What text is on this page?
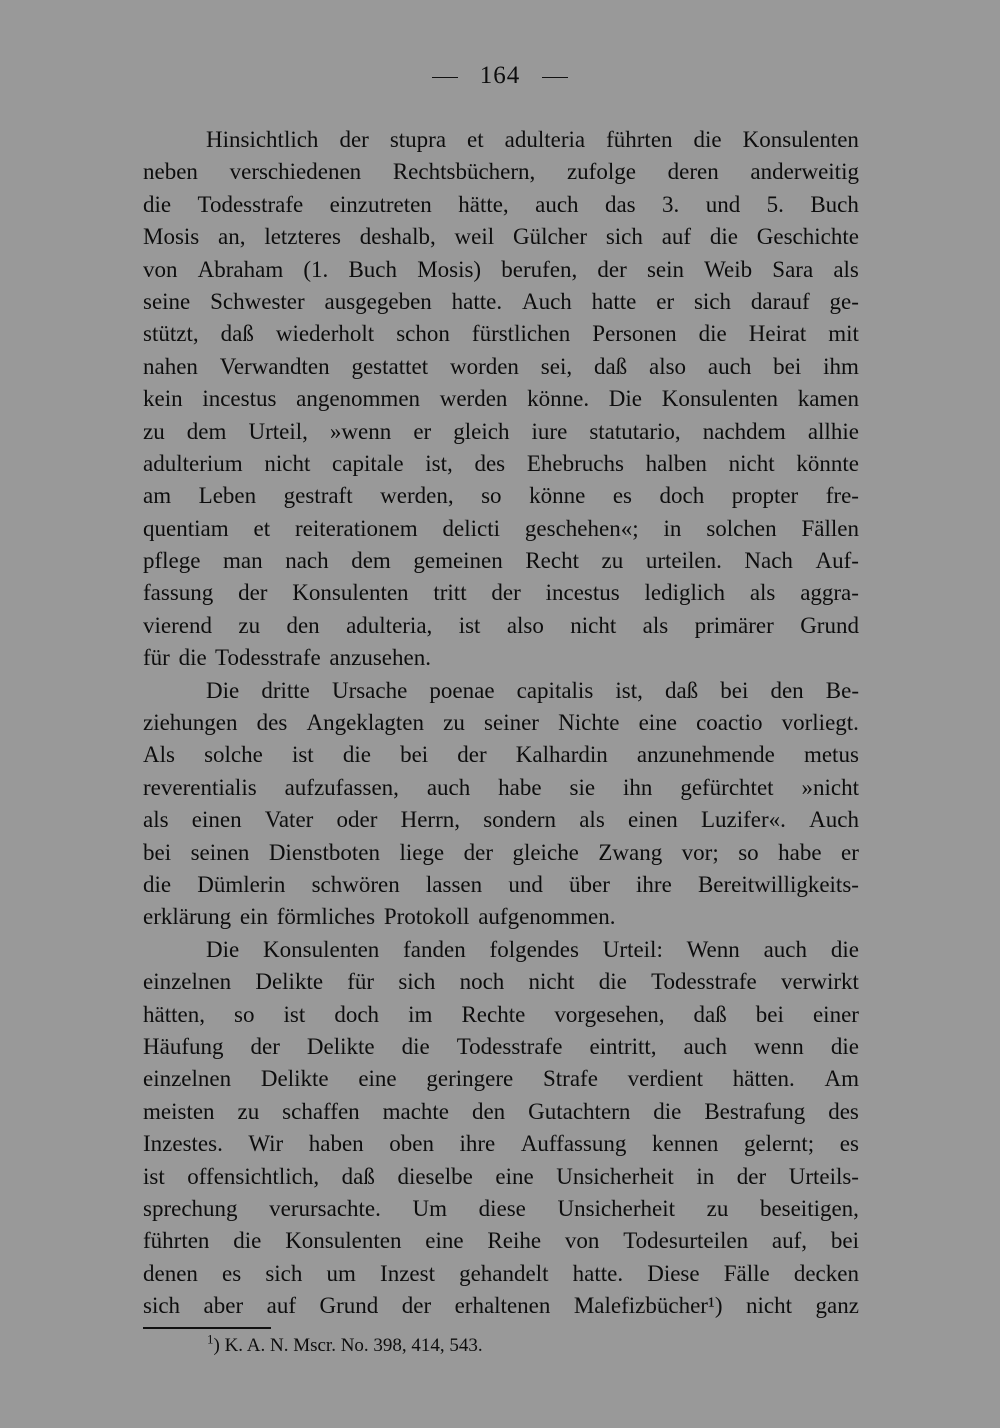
164
Hinsichtlich der stupra et adulteria führten die Konsulenten
neben verschiedenen Rechtsbüchern, zufolge deren anderweitig
die Todesstrafe einzutreten hätte, auch das 3. und 5. Buch
Mosis an, letzteres deshalb, weil Gülcher sich auf die Geschichte
von Abraham (1. Buch Mosis) berufen, der sein Weib Sara als
seine Schwester ausgegeben hatte. Auch hatte er sich darauf ge-
stützt, daß wiederholt schon fürstlichen Personen die Heirat mit
nahen Verwandten gestattet worden sei, daß also auch bei ihm
kein incestus angenommen werden könne. Die Konsulenten kamen
zu dem Urteil, »wenn er gleich iure statutario, nachdem allhie
adulterium nicht capitale ist, des Ehebruchs halben nicht könnte
am Leben gestraft werden, so könne es doch propter fre-
quentiam et reiterationem delicti geschehen«; in solchen Fällen
pflege man nach dem gemeinen Recht zu urteilen. Nach Auf-
fassung der Konsulenten tritt der incestus lediglich als aggra-
vierend zu den adulteria, ist also nicht als primärer Grund
für die Todesstrafe anzusehen.
Die dritte Ursache poenae capitalis ist, daß bei den Be-
ziehungen des Angeklagten zu seiner Nichte eine coactio vorliegt.
Als solche ist die bei der Kalhardin anzunehmende metus
reverentialis aufzufassen, auch habe sie ihn gefürchtet »nicht
als einen Vater oder Herrn, sondern als einen Luzifer«. Auch
bei seinen Dienstboten liege der gleiche Zwang vor; so habe er
die Dümlerin schwören lassen und über ihre Bereitwilligkeits-
erklärung ein förmliches Protokoll aufgenommen.
Die Konsulenten fanden folgendes Urteil: Wenn auch die
einzelnen Delikte für sich noch nicht die Todesstrafe verwirkt
hätten, so ist doch im Rechte vorgesehen, daß bei einer
Häufung der Delikte die Todesstrafe eintritt, auch wenn die
einzelnen Delikte eine geringere Strafe verdient hätten. Am
meisten zu schaffen machte den Gutachtern die Bestrafung des
Inzestes. Wir haben oben ihre Auffassung kennen gelernt; es
ist offensichtlich, daß dieselbe eine Unsicherheit in der Urteils-
sprechung verursachte. Um diese Unsicherheit zu beseitigen,
führten die Konsulenten eine Reihe von Todesurteilen auf, bei
denen es sich um Inzest gehandelt hatte. Diese Fälle decken
sich aber auf Grund der erhaltenen Malefizbücher¹) nicht ganz
$^1$) K. A. N. Mscr. No. 398, 414, 543.
